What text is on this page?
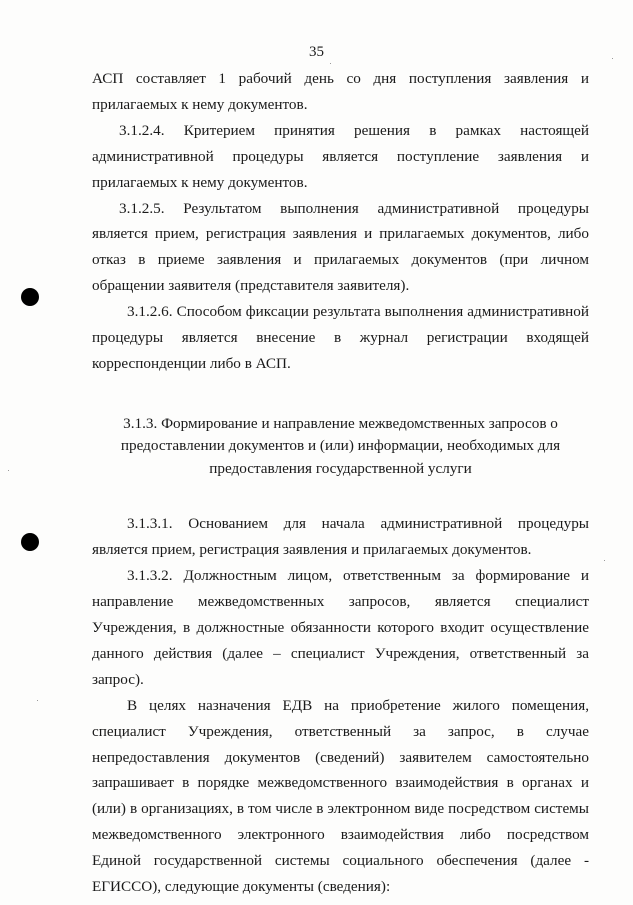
35

АСП составляет 1 рабочий день со дня поступления заявления и прилагаемых к нему документов.

3.1.2.4. Критерием принятия решения в рамках настоящей административной процедуры является поступление заявления и прилагаемых к нему документов.

3.1.2.5. Результатом выполнения административной процедуры является прием, регистрация заявления и прилагаемых документов, либо отказ в приеме заявления и прилагаемых документов (при личном обращении заявителя (представителя заявителя).

3.1.2.6. Способом фиксации результата выполнения административной процедуры является внесение в журнал регистрации входящей корреспонденции либо в АСП.

3.1.3. Формирование и направление межведомственных запросов о предоставлении документов и (или) информации, необходимых для предоставления государственной услуги

3.1.3.1. Основанием для начала административной процедуры является прием, регистрация заявления и прилагаемых документов.

3.1.3.2. Должностным лицом, ответственным за формирование и направление межведомственных запросов, является специалист Учреждения, в должностные обязанности которого входит осуществление данного действия (далее – специалист Учреждения, ответственный за запрос).

В целях назначения ЕДВ на приобретение жилого помещения, специалист Учреждения, ответственный за запрос, в случае непредоставления документов (сведений) заявителем самостоятельно запрашивает в порядке межведомственного взаимодействия в органах и (или) в организациях, в том числе в электронном виде посредством системы межведомственного электронного взаимодействия либо посредством Единой государственной системы социального обеспечения (далее - ЕГИССО), следующие документы (сведения):
